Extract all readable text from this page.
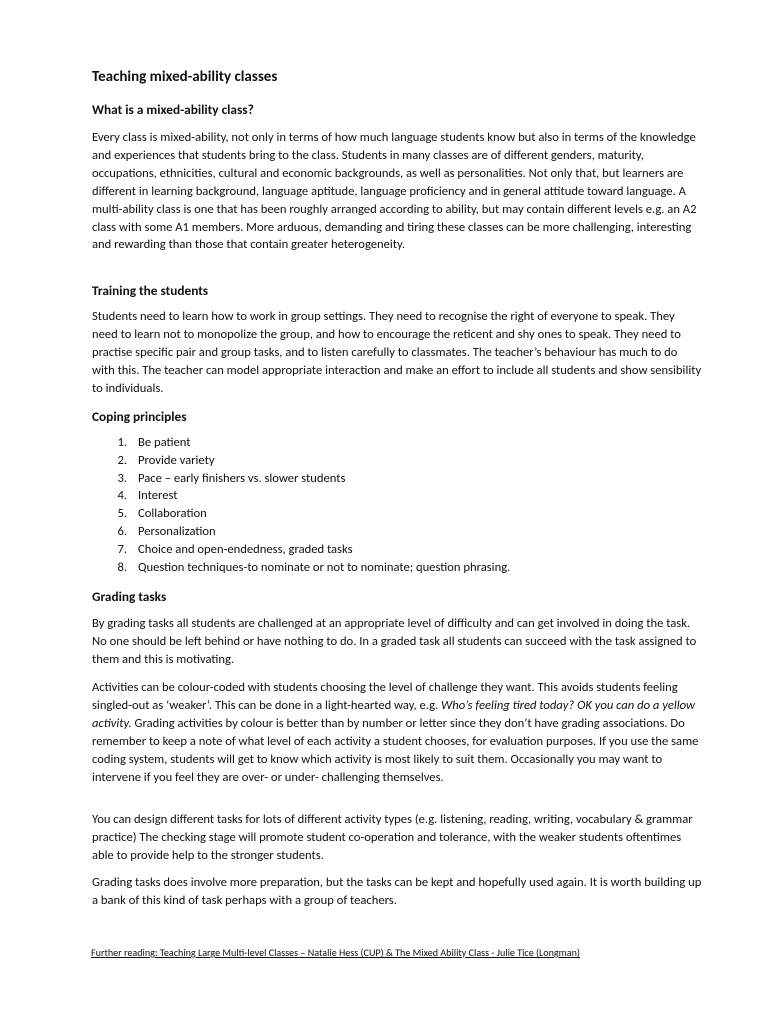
Teaching mixed-ability classes
What is a mixed-ability class?

Every class is mixed-ability, not only in terms of how much language students know but also in terms of the knowledge and experiences that students bring to the class. Students in many classes are of different genders, maturity, occupations, ethnicities, cultural and economic backgrounds, as well as personalities. Not only that, but learners are different in learning background, language aptitude, language proficiency and in general attitude toward language. A multi-ability class is one that has been roughly arranged according to ability, but may contain different levels e.g. an A2 class with some A1 members. More arduous, demanding and tiring these classes can be more challenging, interesting and rewarding than those that contain greater heterogeneity.

Training the students

Students need to learn how to work in group settings. They need to recognise the right of everyone to speak. They need to learn not to monopolize the group, and how to encourage the reticent and shy ones to speak. They need to practise specific pair and group tasks, and to listen carefully to classmates. The teacher’s behaviour has much to do with this. The teacher can model appropriate interaction and make an effort to include all students and show sensibility to individuals.

Coping principles
1. Be patient
2. Provide variety
3. Pace – early finishers vs. slower students
4. Interest
5. Collaboration
6. Personalization
7. Choice and open-endedness, graded tasks
8. Question techniques-to nominate or not to nominate; question phrasing.
Grading tasks

By grading tasks all students are challenged at an appropriate level of difficulty and can get involved in doing the task. No one should be left behind or have nothing to do. In a graded task all students can succeed with the task assigned to them and this is motivating.

Activities can be colour-coded with students choosing the level of challenge they want. This avoids students feeling singled-out as ‘weaker’. This can be done in a light-hearted way, e.g. Who’s feeling tired today? OK you can do a yellow activity. Grading activities by colour is better than by number or letter since they don’t have grading associations. Do remember to keep a note of what level of each activity a student chooses, for evaluation purposes. If you use the same coding system, students will get to know which activity is most likely to suit them. Occasionally you may want to intervene if you feel they are over- or under- challenging themselves.

You can design different tasks for lots of different activity types (e.g. listening, reading, writing, vocabulary & grammar practice) The checking stage will promote student co-operation and tolerance, with the weaker students oftentimes able to provide help to the stronger students.

Grading tasks does involve more preparation, but the tasks can be kept and hopefully used again. It is worth building up a bank of this kind of task perhaps with a group of teachers.

Further reading: Teaching Large Multi-level Classes – Natalie Hess (CUP) & The Mixed Ability Class - Julie Tice (Longman)
